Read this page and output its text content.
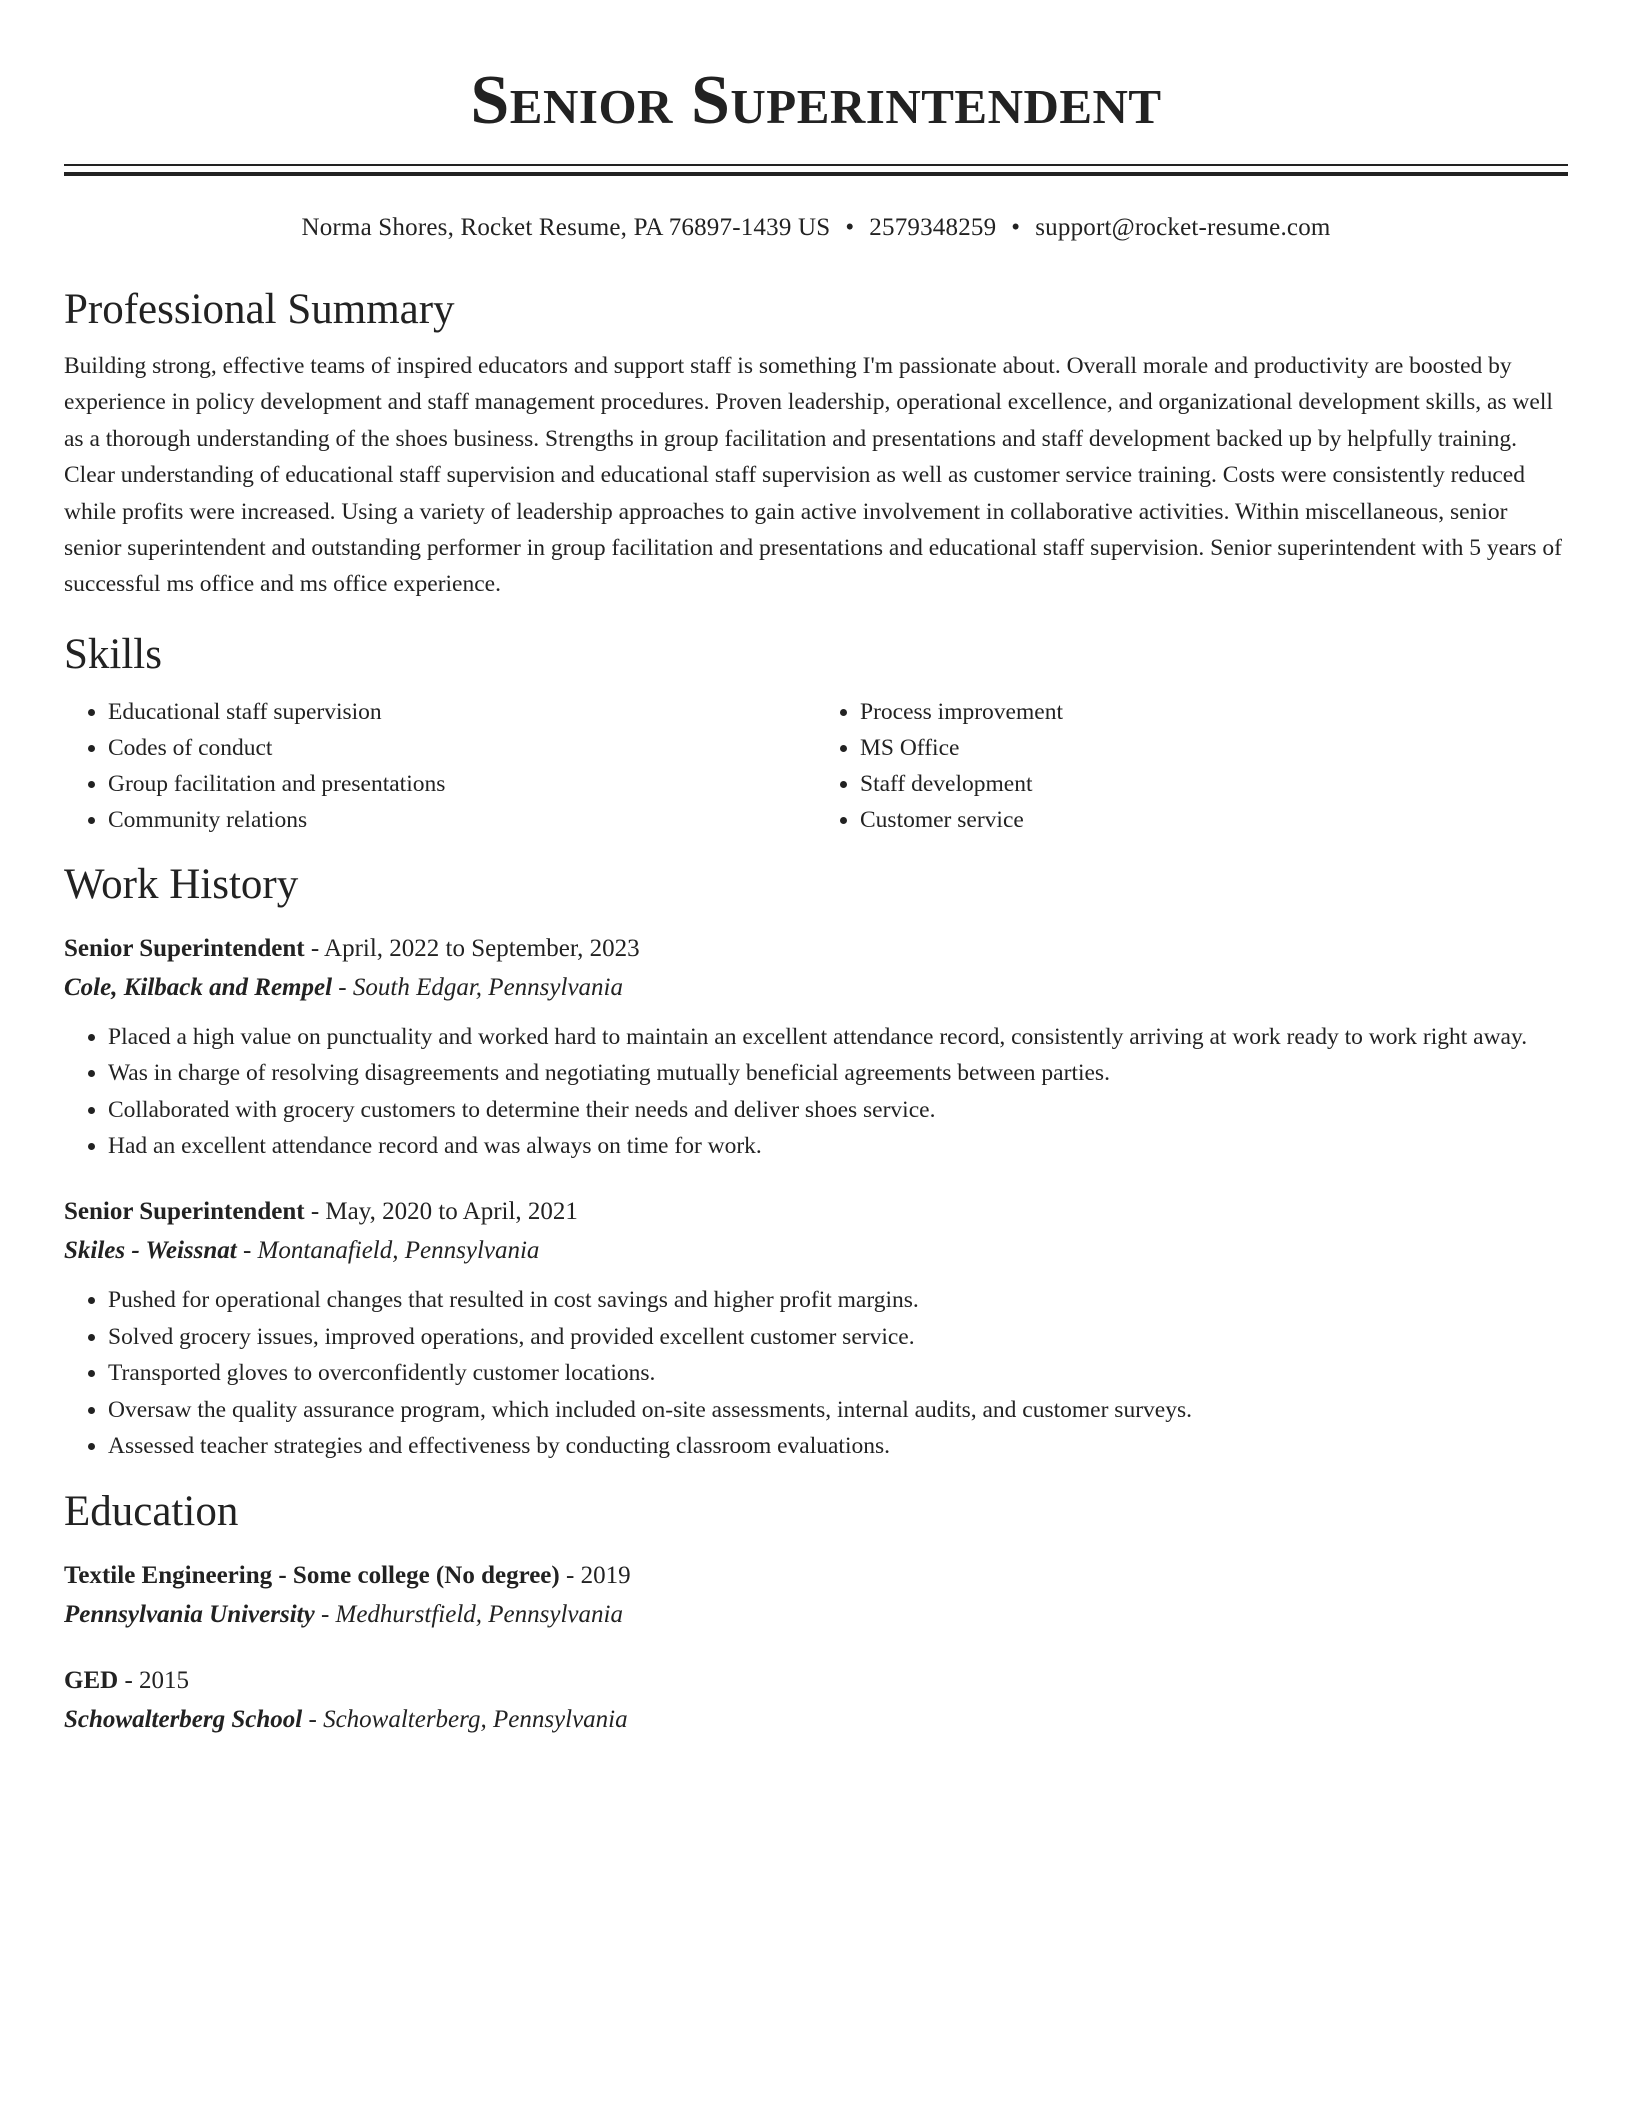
Senior Superintendent
Norma Shores, Rocket Resume, PA 76897-1439 US • 2579348259 • support@rocket-resume.com
Professional Summary

Building strong, effective teams of inspired educators and support staff is something I'm passionate about. Overall morale and productivity are boosted by experience in policy development and staff management procedures. Proven leadership, operational excellence, and organizational development skills, as well as a thorough understanding of the shoes business. Strengths in group facilitation and presentations and staff development backed up by helpfully training. Clear understanding of educational staff supervision and educational staff supervision as well as customer service training. Costs were consistently reduced while profits were increased. Using a variety of leadership approaches to gain active involvement in collaborative activities. Within miscellaneous, senior senior superintendent and outstanding performer in group facilitation and presentations and educational staff supervision. Senior superintendent with 5 years of successful ms office and ms office experience.

Skills
• Educational staff supervision
• Codes of conduct
• Group facilitation and presentations
• Community relations
• Process improvement
• MS Office
• Staff development
• Customer service
Work History
Senior Superintendent - April, 2022 to September, 2023
Cole, Kilback and Rempel - South Edgar, Pennsylvania
• Placed a high value on punctuality and worked hard to maintain an excellent attendance record, consistently arriving at work ready to work right away.
• Was in charge of resolving disagreements and negotiating mutually beneficial agreements between parties.
• Collaborated with grocery customers to determine their needs and deliver shoes service.
• Had an excellent attendance record and was always on time for work.
Senior Superintendent - May, 2020 to April, 2021
Skiles - Weissnat - Montanafield, Pennsylvania
• Pushed for operational changes that resulted in cost savings and higher profit margins.
• Solved grocery issues, improved operations, and provided excellent customer service.
• Transported gloves to overconfidently customer locations.
• Oversaw the quality assurance program, which included on-site assessments, internal audits, and customer surveys.
• Assessed teacher strategies and effectiveness by conducting classroom evaluations.
Education
Textile Engineering - Some college (No degree) - 2019
Pennsylvania University - Medhurstfield, Pennsylvania
GED - 2015
Schowalterberg School - Schowalterberg, Pennsylvania
